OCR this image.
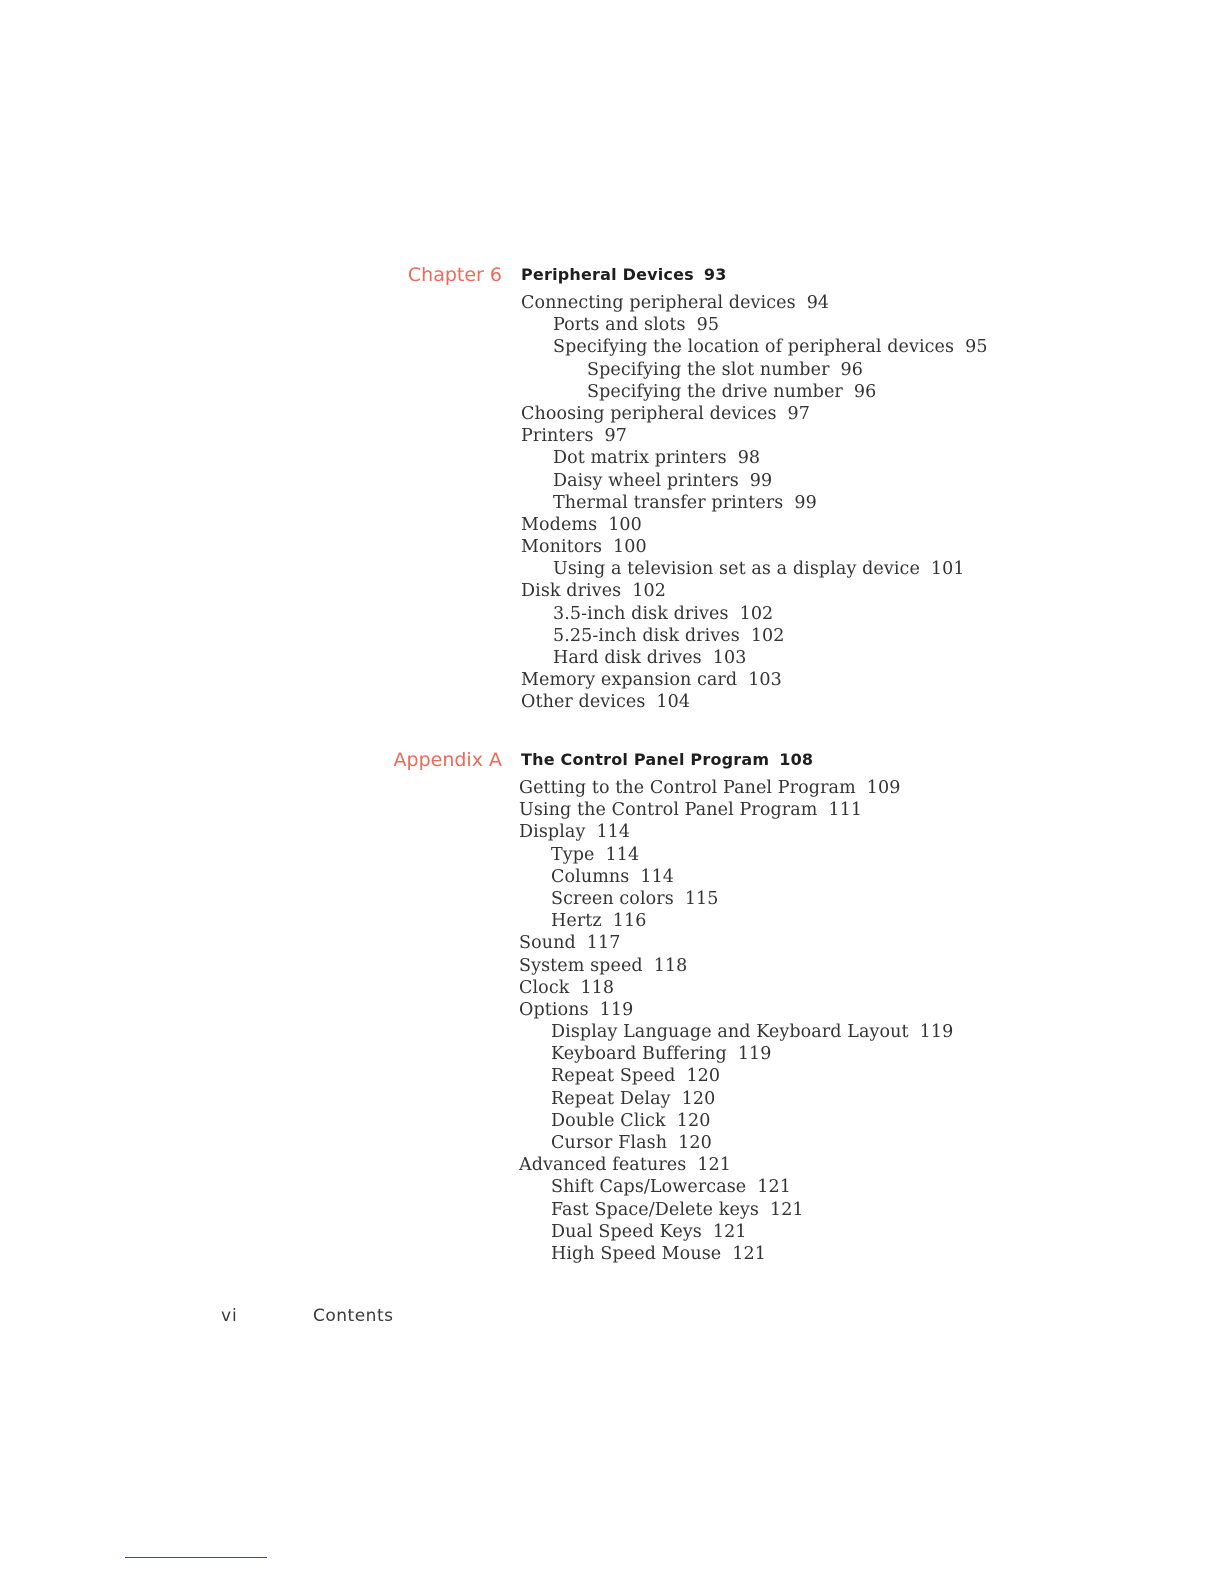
Chapter 6 Peripheral Devices 93
Connecting peripheral devices 94
Ports and slots 95
Specifying the location of peripheral devices 95
Specifying the slot number 96
Specifying the drive number 96
Choosing peripheral devices 97
Printers 97
Dot matrix printers 98
Daisy wheel printers 99
Thermal transfer printers 99
Modems 100
Monitors 100
Using a television set as a display device 101
Disk drives 102
3.5-inch disk drives 102
5.25-inch disk drives 102
Hard disk drives 103
Memory expansion card 103
Other devices 104
Appendix A The Control Panel Program 108
Getting to the Control Panel Program 109
Using the Control Panel Program 111
Display 114
Type 114
Columns 114
Screen colors 115
Hertz 116
Sound 117
System speed 118
Clock 118
Options 119
Display Language and Keyboard Layout 119
Keyboard Buffering 119
Repeat Speed 120
Repeat Delay 120
Double Click 120
Cursor Flash 120
Advanced features 121
Shift Caps/Lowercase 121
Fast Space/Delete keys 121
Dual Speed Keys 121
High Speed Mouse 121
vi	Contents
